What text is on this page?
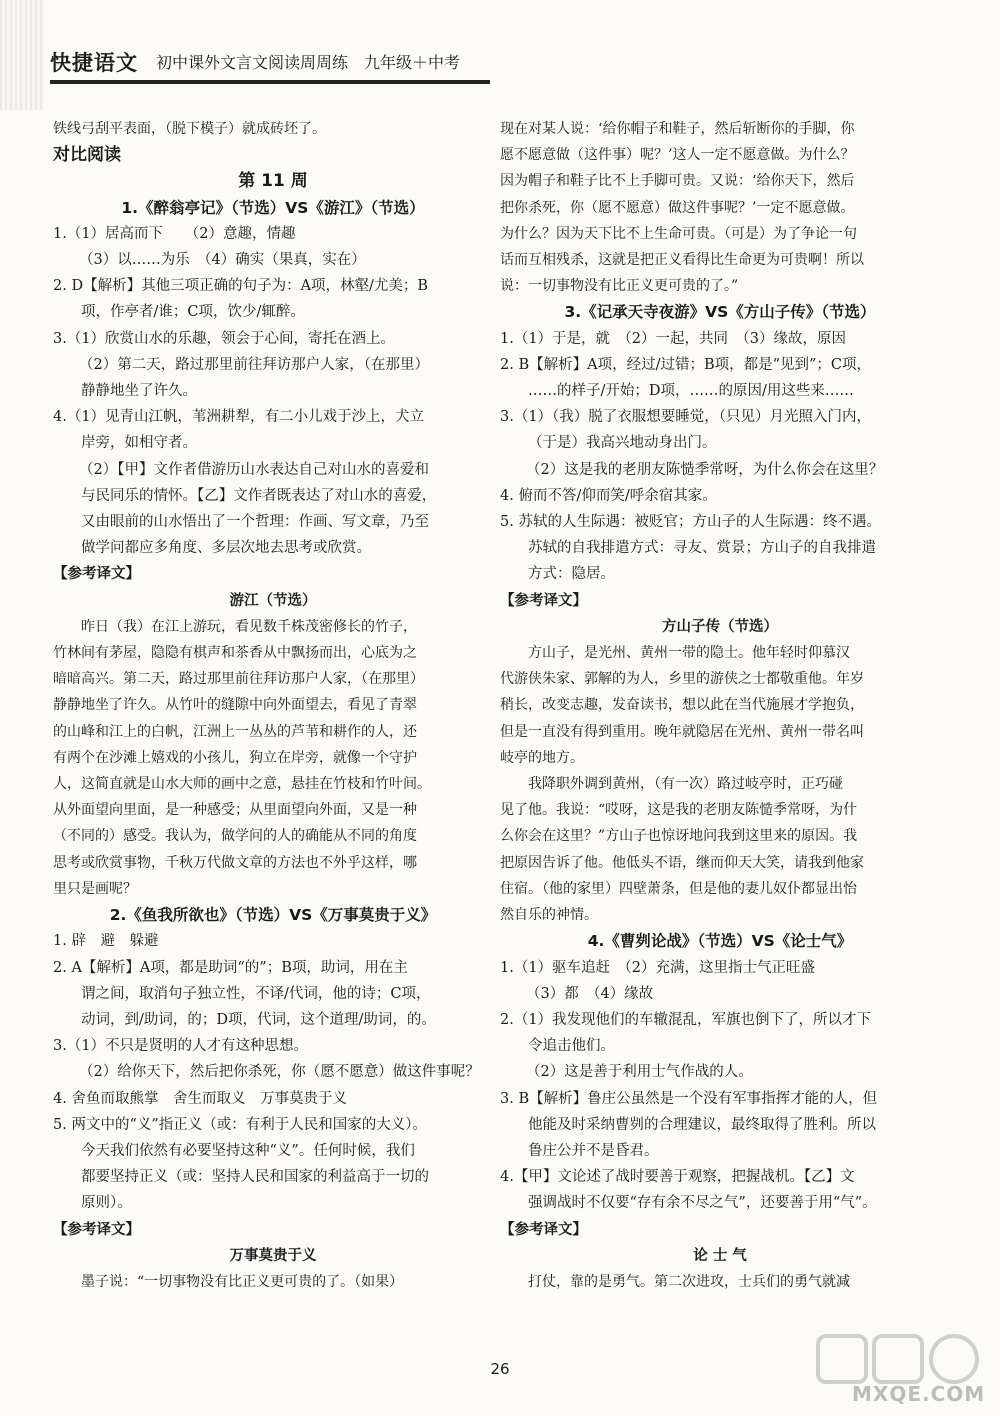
快捷语文 初中课外文言文阅读周周练　九年级＋中考

铁线弓刮平表面，（脱下模子）就成砖坯了。

对比阅读

第 11 周

1.《醉翁亭记》（节选）VS《游江》（节选）

1.（1）居高而下　　（2）意趣，情趣

（3）以……为乐　（4）确实（果真，实在）

2. D【解析】其他三项正确的句子为：A项，林壑/尤美；B

项，作亭者/谁；C项，饮少/辄醉。

3.（1）欣赏山水的乐趣，领会于心间，寄托在酒上。

（2）第二天，路过那里前往拜访那户人家，（在那里）

静静地坐了许久。

4.（1）见青山江帆，苇洲耕犁，有二小儿戏于沙上，犬立

岸旁，如相守者。

（2）【甲】文作者借游历山水表达自己对山水的喜爱和

与民同乐的情怀。【乙】文作者既表达了对山水的喜爱，

又由眼前的山水悟出了一个哲理：作画、写文章，乃至

做学问都应多角度、多层次地去思考或欣赏。

【参考译文】

游江（节选）

昨日（我）在江上游玩，看见数千株茂密修长的竹子，

竹林间有茅屋，隐隐有棋声和茶香从中飘扬而出，心底为之

暗暗高兴。第二天，路过那里前往拜访那户人家，（在那里）

静静地坐了许久。从竹叶的缝隙中向外面望去，看见了青翠

的山峰和江上的白帆，江洲上一丛丛的芦苇和耕作的人，还

有两个在沙滩上嬉戏的小孩儿，狗立在岸旁，就像一个守护

人，这简直就是山水大师的画中之意，悬挂在竹枝和竹叶间。

从外面望向里面，是一种感受；从里面望向外面，又是一种

（不同的）感受。我认为，做学问的人的确能从不同的角度

思考或欣赏事物，千秋万代做文章的方法也不外乎这样，哪

里只是画呢？

2.《鱼我所欲也》（节选）VS《万事莫贵于义》

1. 辟　避　躲避

2. A【解析】A项，都是助词“的”；B项，助词，用在主

谓之间，取消句子独立性，不译/代词，他的诗；C项，

动词，到/助词，的；D项，代词，这个道理/助词，的。

3.（1）不只是贤明的人才有这种思想。

（2）给你天下，然后把你杀死，你（愿不愿意）做这件事呢？

4. 舍鱼而取熊掌　舍生而取义　万事莫贵于义

5. 两文中的“义”指正义（或：有利于人民和国家的大义）。

今天我们依然有必要坚持这种“义”。任何时候，我们

都要坚持正义（或：坚持人民和国家的利益高于一切的

原则）。

【参考译文】

万事莫贵于义

墨子说：“一切事物没有比正义更可贵的了。（如果）

现在对某人说：‘给你帽子和鞋子，然后斩断你的手脚，你

愿不愿意做（这件事）呢？’这人一定不愿意做。为什么？

因为帽子和鞋子比不上手脚可贵。又说：‘给你天下，然后

把你杀死，你（愿不愿意）做这件事呢？’一定不愿意做。

为什么？因为天下比不上生命可贵。（可是）为了争论一句

话而互相残杀，这就是把正义看得比生命更为可贵啊！所以

说：一切事物没有比正义更可贵的了。”

3.《记承天寺夜游》VS《方山子传》（节选）

1.（1）于是，就　（2）一起，共同　（3）缘故，原因

2. B【解析】A项，经过/过错；B项，都是“见到”；C项，

……的样子/开始；D项，……的原因/用这些来……

3.（1）（我）脱了衣服想要睡觉，（只见）月光照入门内，

（于是）我高兴地动身出门。

（2）这是我的老朋友陈慥季常呀，为什么你会在这里？

4. 俯而不答/仰而笑/呼余宿其家。

5. 苏轼的人生际遇：被贬官；方山子的人生际遇：终不遇。

苏轼的自我排遣方式：寻友、赏景；方山子的自我排遣

方式：隐居。

【参考译文】

方山子传（节选）

方山子，是光州、黄州一带的隐士。他年轻时仰慕汉

代游侠朱家、郭解的为人，乡里的游侠之士都敬重他。年岁

稍长，改变志趣，发奋读书，想以此在当代施展才学抱负，

但是一直没有得到重用。晚年就隐居在光州、黄州一带名叫

岐亭的地方。

我降职外调到黄州，（有一次）路过岐亭时，正巧碰

见了他。我说：“哎呀，这是我的老朋友陈慥季常呀，为什

么你会在这里？”方山子也惊讶地问我到这里来的原因。我

把原因告诉了他。他低头不语，继而仰天大笑，请我到他家

住宿。（他的家里）四壁萧条，但是他的妻儿奴仆都显出怡

然自乐的神情。

4.《曹刿论战》（节选）VS《论士气》

1.（1）驱车追赶　（2）充满，这里指士气正旺盛

（3）都　（4）缘故

2.（1）我发现他们的车辙混乱，军旗也倒下了，所以才下

令追击他们。

（2）这是善于利用士气作战的人。

3. B【解析】鲁庄公虽然是一个没有军事指挥才能的人，但

他能及时采纳曹刿的合理建议，最终取得了胜利。所以

鲁庄公并不是昏君。

4.【甲】文论述了战时要善于观察，把握战机。【乙】文

强调战时不仅要“存有余不尽之气”，还要善于用“气”。

【参考译文】

论 士 气

打仗，靠的是勇气。第二次进攻，士兵们的勇气就减

26
MXQE.COM
